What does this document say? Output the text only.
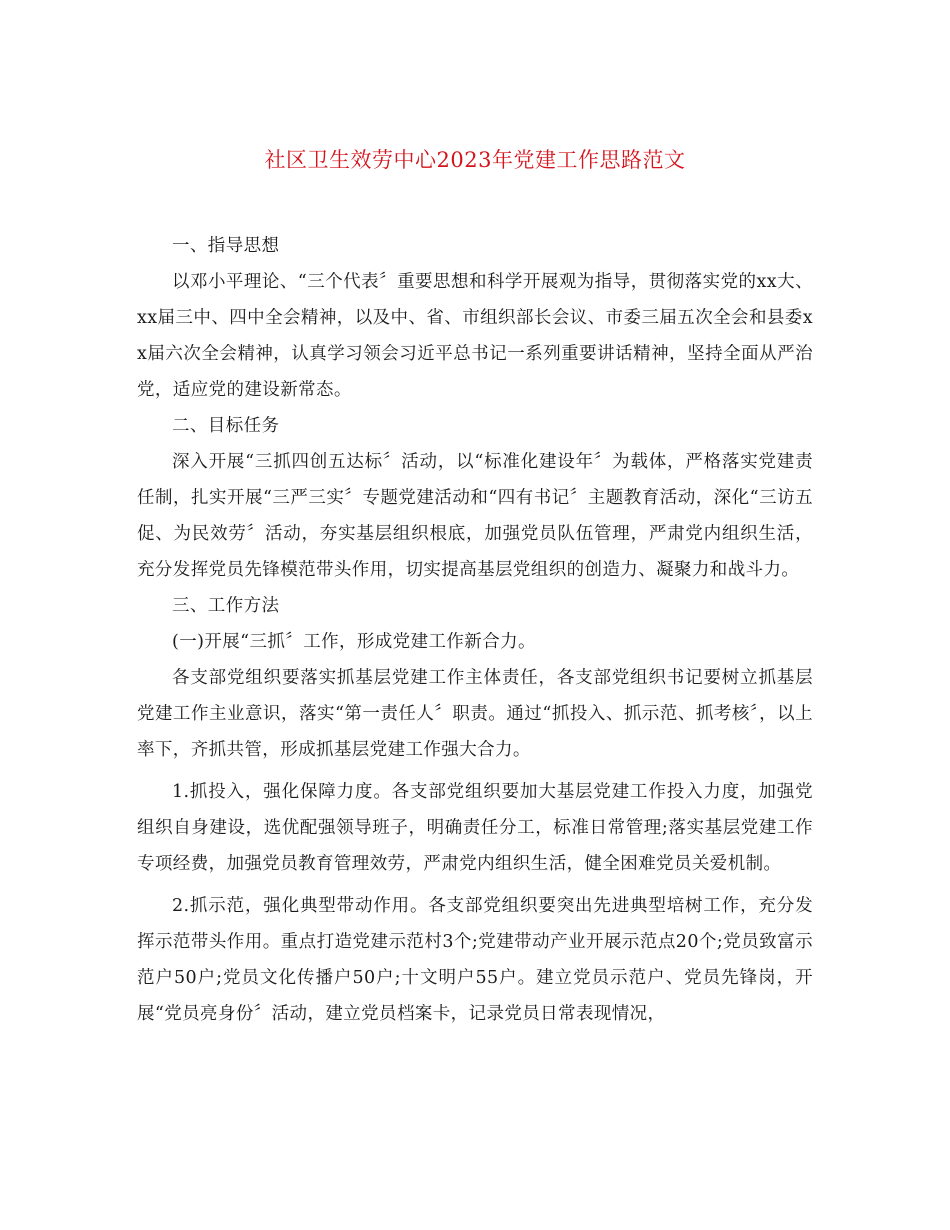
社区卫生效劳中心2023年党建工作思路范文

一、指导思想

以邓小平理论、“三个代表〞重要思想和科学开展观为指导，贯彻落实党的xx大、xx届三中、四中全会精神，以及中、省、市组织部长会议、市委三届五次全会和县委xx届六次全会精神，认真学习领会习近平总书记一系列重要讲话精神，坚持全面从严治党，适应党的建设新常态。

二、目标任务

深入开展“三抓四创五达标〞活动，以“标准化建设年〞为载体，严格落实党建责任制，扎实开展“三严三实〞专题党建活动和“四有书记〞主题教育活动，深化“三访五促、为民效劳〞活动，夯实基层组织根底，加强党员队伍管理，严肃党内组织生活，充分发挥党员先锋模范带头作用，切实提高基层党组织的创造力、凝聚力和战斗力。

三、工作方法

(一)开展“三抓〞工作，形成党建工作新合力。

各支部党组织要落实抓基层党建工作主体责任，各支部党组织书记要树立抓基层党建工作主业意识，落实“第一责任人〞职责。通过“抓投入、抓示范、抓考核〞，以上率下，齐抓共管，形成抓基层党建工作强大合力。

1.抓投入，强化保障力度。各支部党组织要加大基层党建工作投入力度，加强党组织自身建设，选优配强领导班子，明确责任分工，标准日常管理;落实基层党建工作专项经费，加强党员教育管理效劳，严肃党内组织生活，健全困难党员关爱机制。

2.抓示范，强化典型带动作用。各支部党组织要突出先进典型培树工作，充分发挥示范带头作用。重点打造党建示范村3个;党建带动产业开展示范点20个;党员致富示范户50户;党员文化传播户50户;十文明户55户。建立党员示范户、党员先锋岗，开展“党员亮身份〞活动，建立党员档案卡，记录党员日常表现情况，
